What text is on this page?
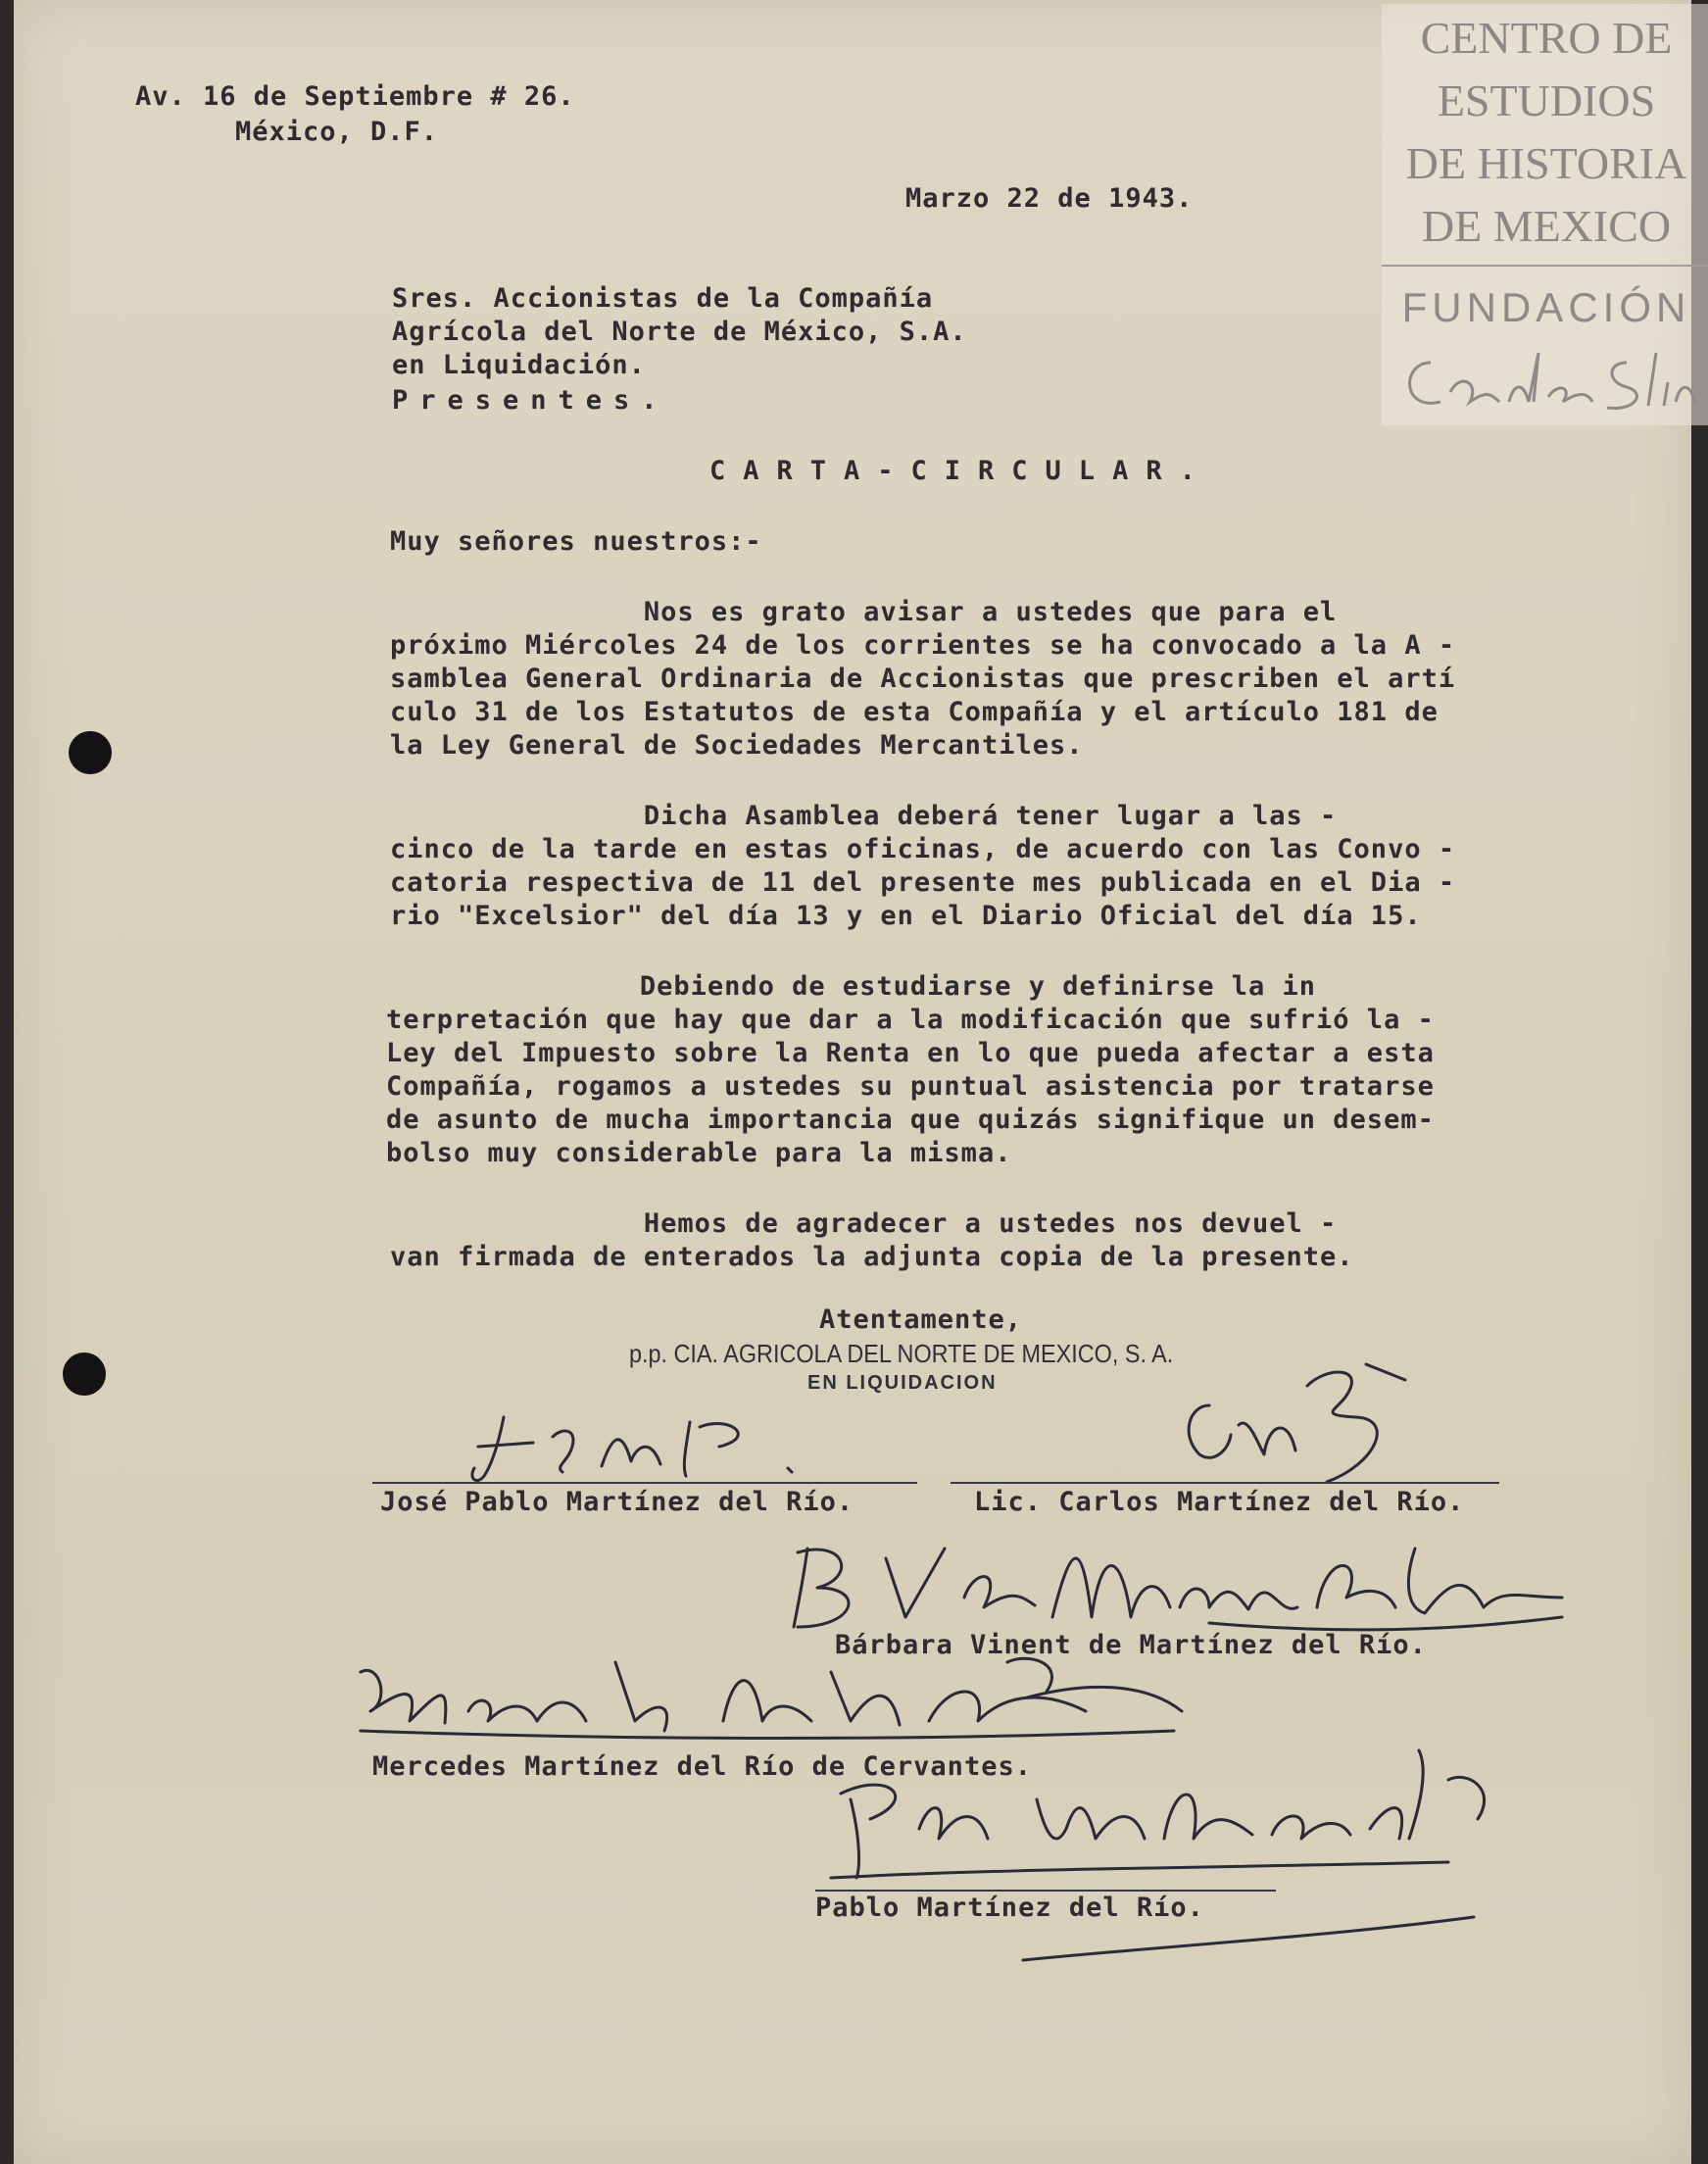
Av. 16 de Septiembre # 26.
México, D.F.
Marzo 22 de 1943.
Sres. Accionistas de la Compañía
Agrícola del Norte de México, S.A.
en Liquidación.
Presentes.
CARTA-CIRCULAR.
Muy señores nuestros:-
Nos es grato avisar a ustedes que para el
próximo Miércoles 24 de los corrientes se ha convocado a la A -
samblea General Ordinaria de Accionistas que prescriben el artí
culo 31 de los Estatutos de esta Compañía y el artículo 181 de
la Ley General de Sociedades Mercantiles.
Dicha Asamblea deberá tener lugar a las -
cinco de la tarde en estas oficinas, de acuerdo con las Convo -
catoria respectiva de 11 del presente mes publicada en el Dia -
rio "Excelsior" del día 13 y en el Diario Oficial del día 15.
Debiendo de estudiarse y definirse la in
terpretación que hay que dar a la modificación que sufrió la -
Ley del Impuesto sobre la Renta en lo que pueda afectar a esta
Compañía, rogamos a ustedes su puntual asistencia por tratarse
de asunto de mucha importancia que quizás signifique un desem-
bolso muy considerable para la misma.
Hemos de agradecer a ustedes nos devuel -
van firmada de enterados la adjunta copia de la presente.
Atentamente,
p.p. CIA. AGRICOLA DEL NORTE DE MEXICO, S. A.
EN LIQUIDACION
José Pablo Martínez del Río.	Lic. Carlos Martínez del Río.
Bárbara Vinent de Martínez del Río.
Mercedes Martínez del Río de Cervantes.
Pablo Martínez del Río.
CENTRO DE
ESTUDIOS
DE HISTORIA
DE MEXICO
FUNDACIÓN
